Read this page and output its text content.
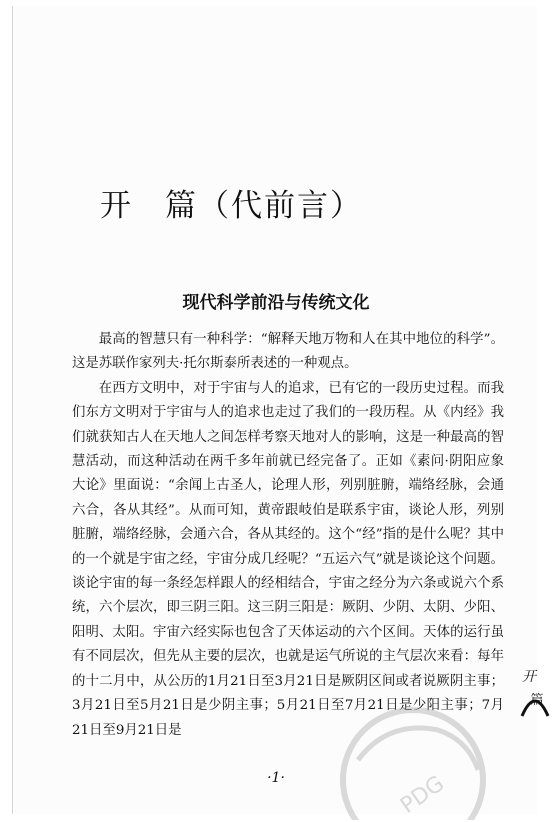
开篇（代前言）
现代科学前沿与传统文化

最高的智慧只有一种科学：“解释天地万物和人在其中地位的科学”。这是苏联作家列夫·托尔斯泰所表述的一种观点。

在西方文明中，对于宇宙与人的追求，已有它的一段历史过程。而我们东方文明对于宇宙与人的追求也走过了我们的一段历程。从《内经》我们就获知古人在天地人之间怎样考察天地对人的影响，这是一种最高的智慧活动，而这种活动在两千多年前就已经完备了。正如《素问·阴阳应象大论》里面说：“余闻上古圣人，论理人形，列别脏腑，端络经脉，会通六合，各从其经”。从而可知，黄帝跟岐伯是联系宇宙，谈论人形，列别脏腑，端络经脉，会通六合，各从其经的。这个“经”指的是什么呢？其中的一个就是宇宙之经，宇宙分成几经呢？“五运六气”就是谈论这个问题。谈论宇宙的每一条经怎样跟人的经相结合，宇宙之经分为六条或说六个系统，六个层次，即三阴三阳。这三阴三阳是：厥阴、少阴、太阴、少阳、阳明、太阳。宇宙六经实际也包含了天体运动的六个区间。天体的运行虽有不同层次，但先从主要的层次，也就是运气所说的主气层次来看：每年的十二月中，从公历的1月21日至3月21日是厥阴区间或者说厥阴主事；3月21日至5月21日是少阴主事；5月21日至7月21日是少阳主事；7月21日至9月21日是

·1·
开
篇
PDG
